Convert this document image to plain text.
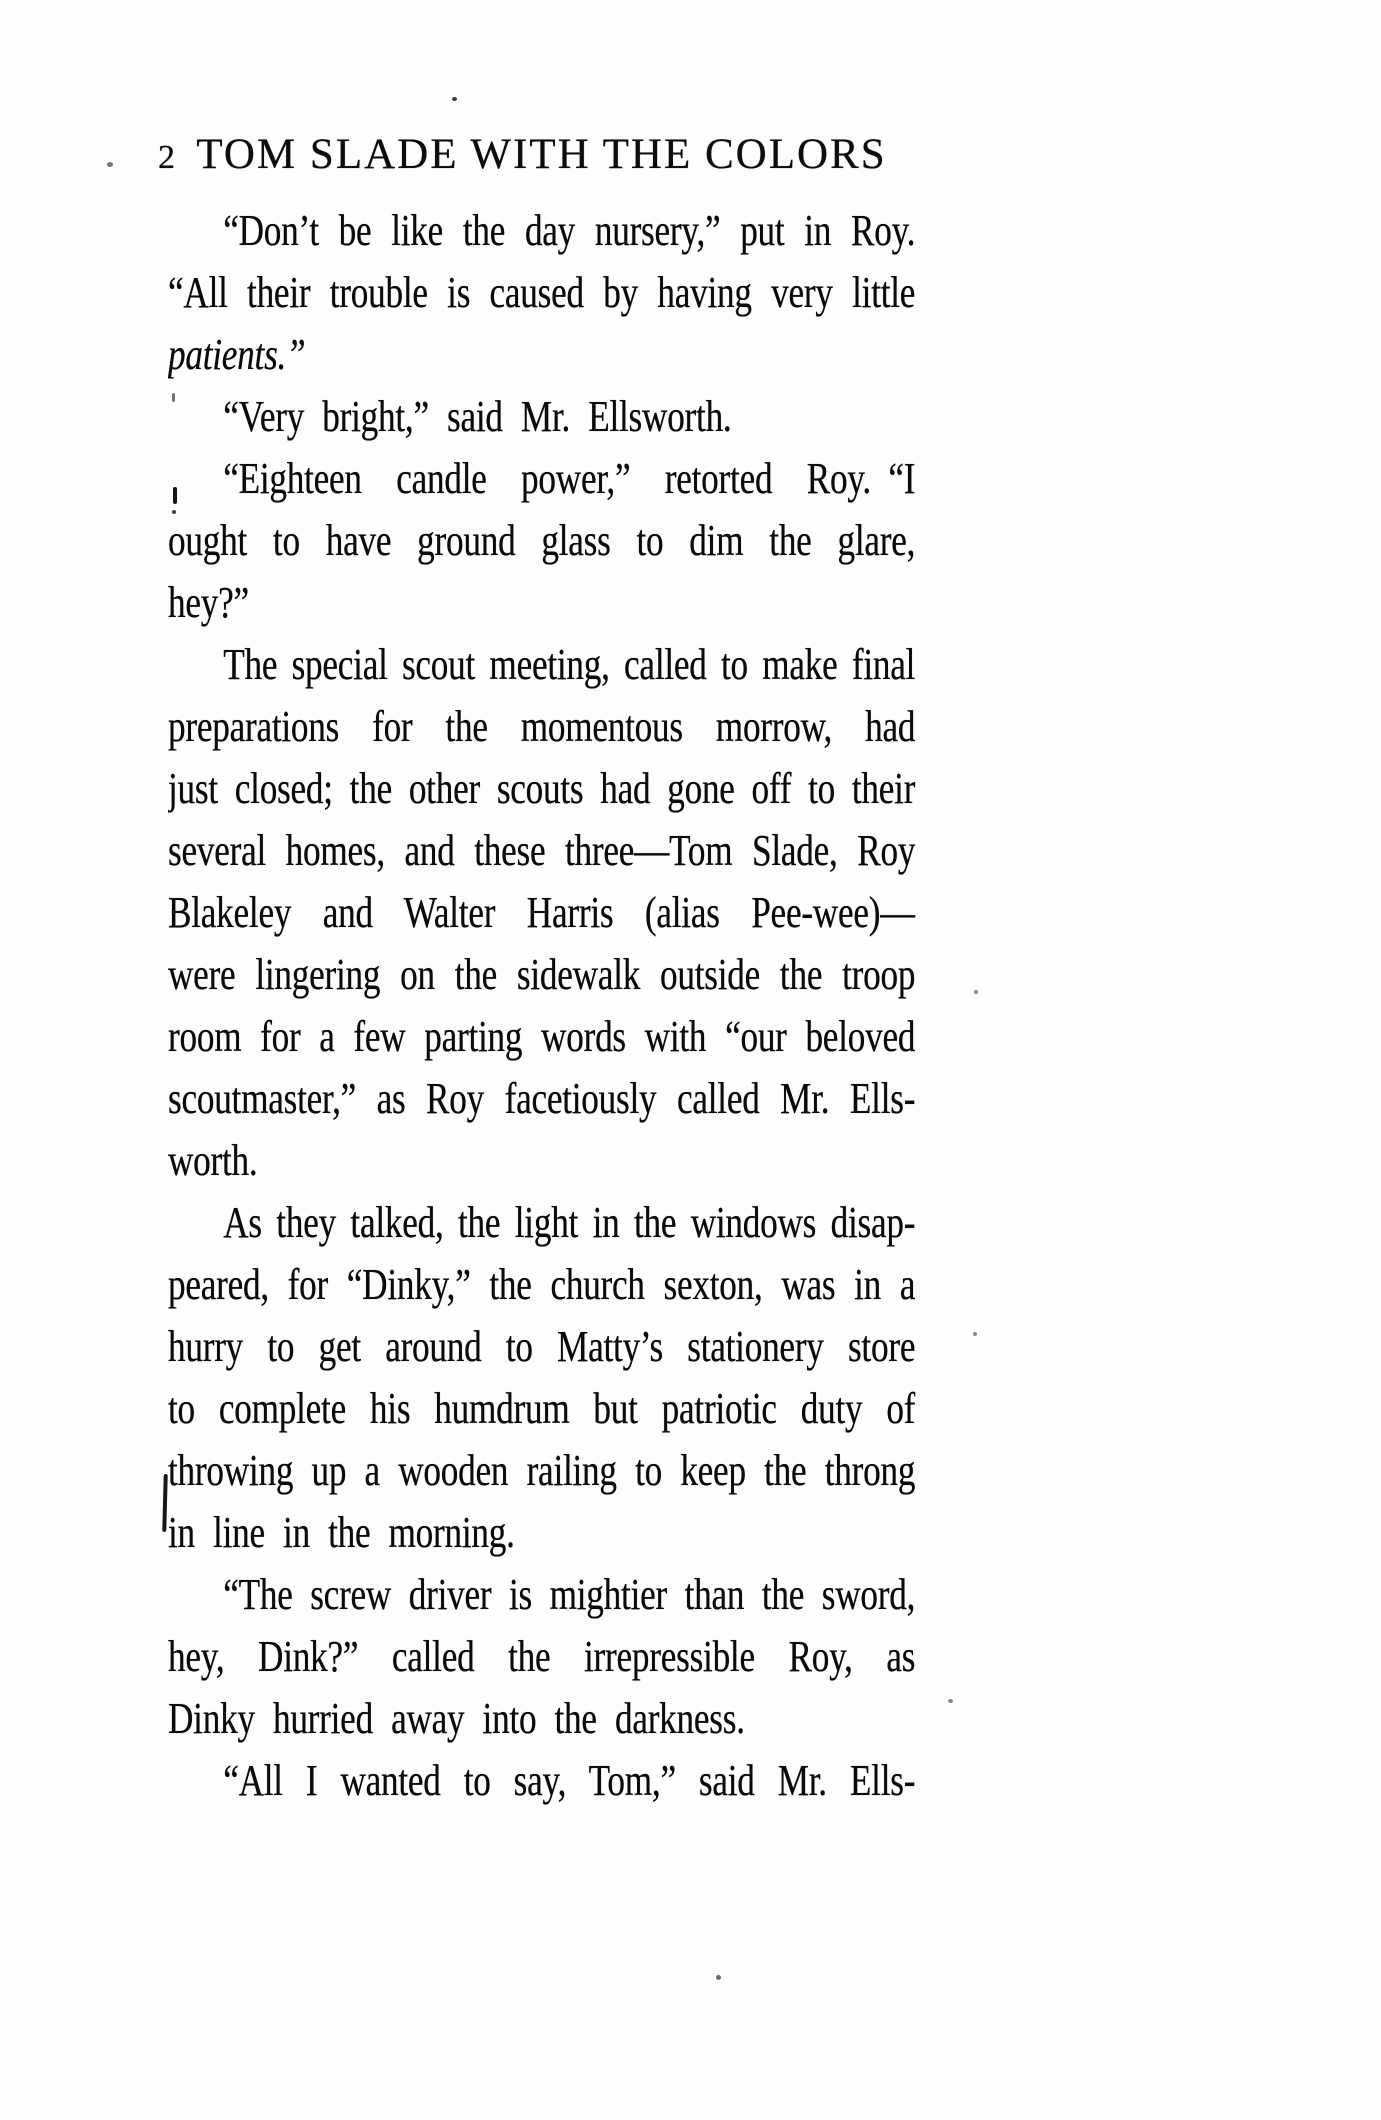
2 TOM SLADE WITH THE COLORS
“Don’t be like the day nursery,” put in Roy.
“All their trouble is caused by having very little
patients.”
“Very bright,” said Mr. Ellsworth.
“Eighteen candle power,” retorted Roy. “I
ought to have ground glass to dim the glare,
hey?”
The special scout meeting, called to make final
preparations for the momentous morrow, had
just closed; the other scouts had gone off to their
several homes, and these three—Tom Slade, Roy
Blakeley and Walter Harris (alias Pee-wee)—
were lingering on the sidewalk outside the troop
room for a few parting words with “our beloved
scoutmaster,” as Roy facetiously called Mr. Ells-
worth.
As they talked, the light in the windows disap-
peared, for “Dinky,” the church sexton, was in a
hurry to get around to Matty’s stationery store
to complete his humdrum but patriotic duty of
throwing up a wooden railing to keep the throng
in line in the morning.
“The screw driver is mightier than the sword,
hey, Dink?” called the irrepressible Roy, as
Dinky hurried away into the darkness.
“All I wanted to say, Tom,” said Mr. Ells-
